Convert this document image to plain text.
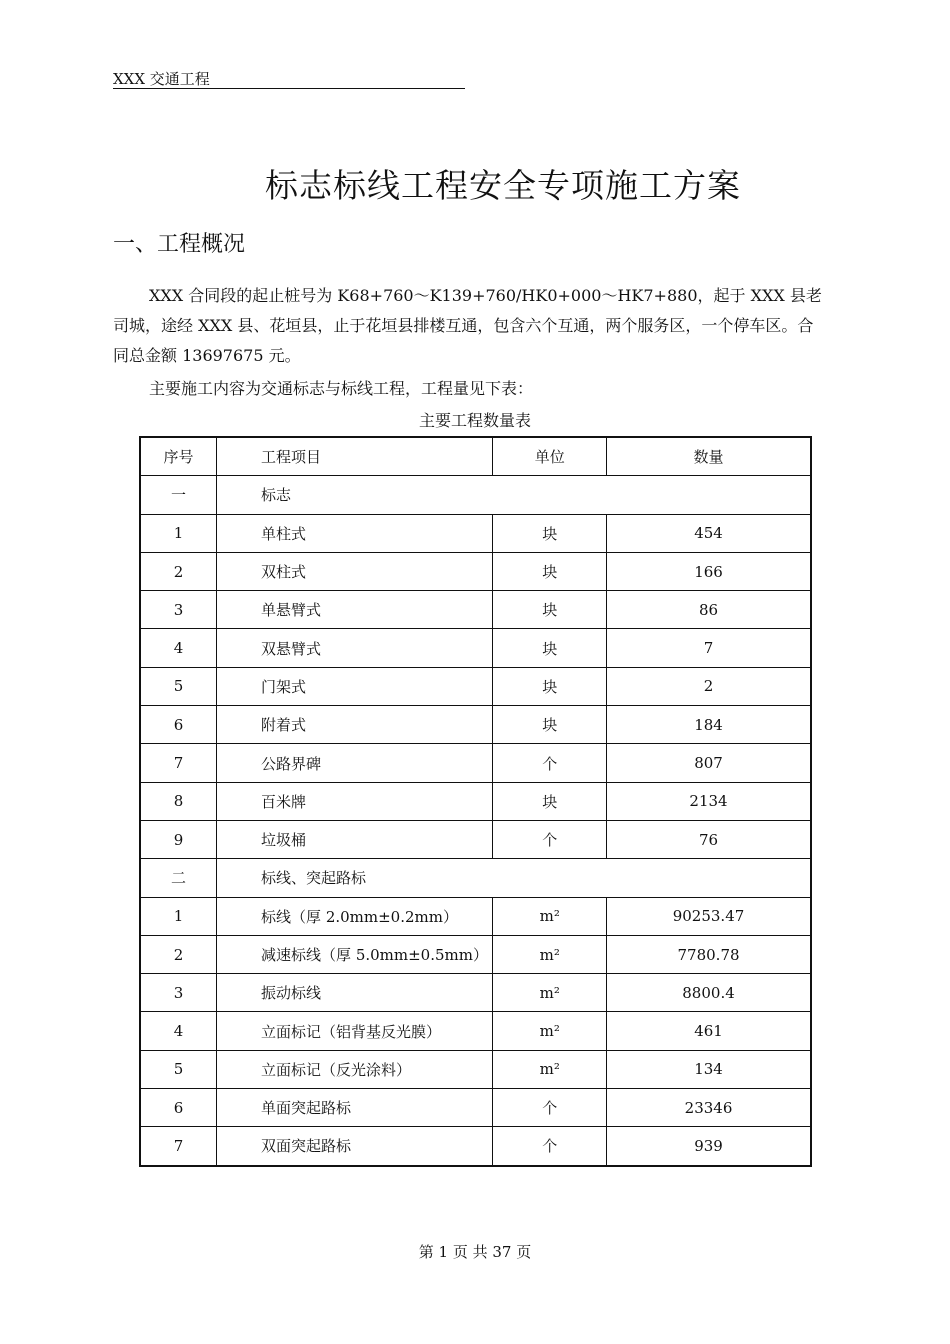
XXX 交通工程
标志标线工程安全专项施工方案
一、工程概况
XXX 合同段的起止桩号为 K68+760～K139+760/HK0+000～HK7+880，起于 XXX 县老司城，途经 XXX 县、花垣县，止于花垣县排楼互通，包含六个互通，两个服务区，一个停车区。合同总金额 13697675 元。
主要施工内容为交通标志与标线工程，工程量见下表：
主要工程数量表
序号	工程项目	单位	数量
一	标志		
1	单柱式	块	454
2	双柱式	块	166
3	单悬臂式	块	86
4	双悬臂式	块	7
5	门架式	块	2
6	附着式	块	184
7	公路界碑	个	807
8	百米牌	块	2134
9	垃圾桶	个	76
二	标线、突起路标		
1	标线（厚 2.0mm±0.2mm）	m²	90253.47
2	减速标线（厚 5.0mm±0.5mm）	m²	7780.78
3	振动标线	m²	8800.4
4	立面标记（铝背基反光膜）	m²	461
5	立面标记（反光涂料）	m²	134
6	单面突起路标	个	23346
7	双面突起路标	个	939
第 1 页 共 37 页
